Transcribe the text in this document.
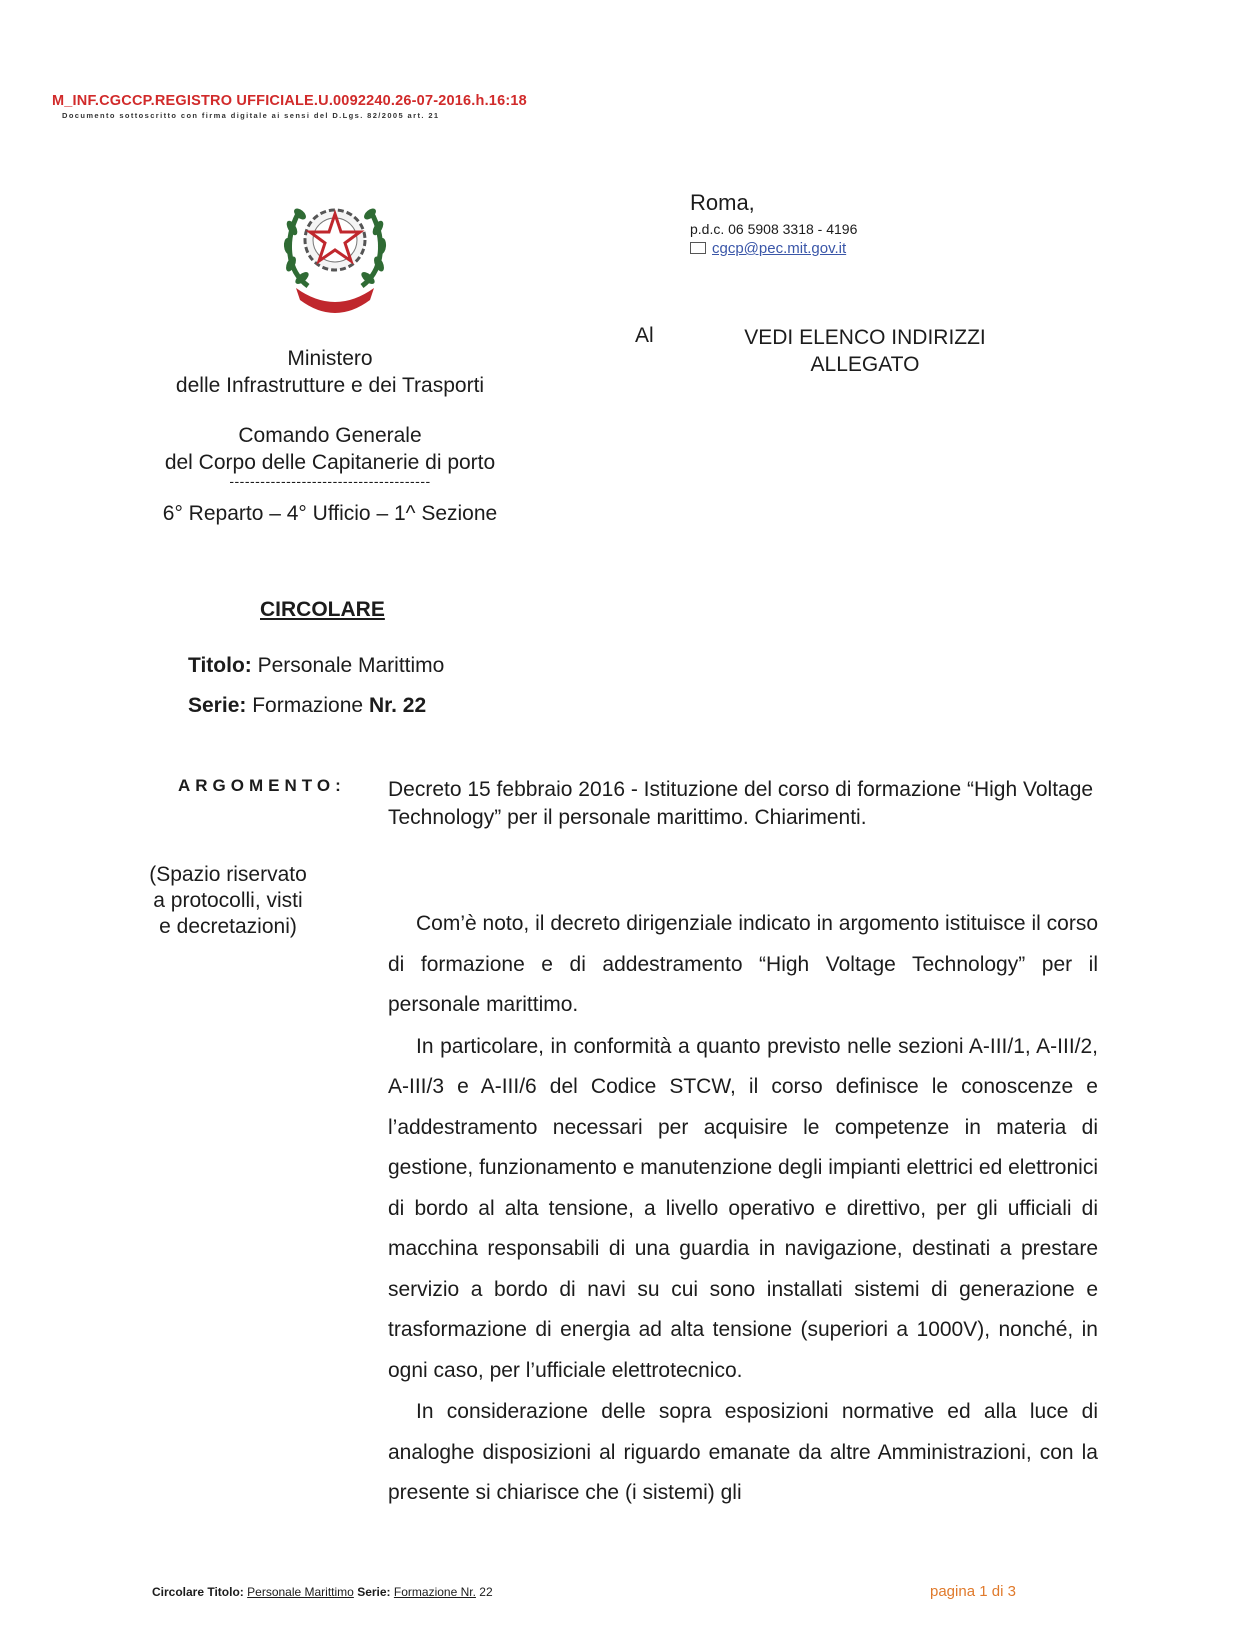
M_INF.CGCCP.REGISTRO UFFICIALE.U.0092240.26-07-2016.h.16:18
Documento sottoscritto con firma digitale ai sensi del D.Lgs. 82/2005 art. 21
Roma,
p.d.c. 06 5908 3318 - 4196
cgcp@pec.mit.gov.it
Al	VEDI ELENCO INDIRIZZI
ALLEGATO
Ministero
delle Infrastrutture e dei Trasporti
Comando Generale
del Corpo delle Capitanerie di porto
---------------------------------------
6° Reparto – 4° Ufficio – 1^ Sezione
CIRCOLARE
Titolo: Personale Marittimo
Serie: Formazione Nr. 22
ARGOMENTO: Decreto 15 febbraio 2016 - Istituzione del corso di formazione “High Voltage Technology” per il personale marittimo. Chiarimenti.
(Spazio riservato
a protocolli, visti
e decretazioni)	Com’è noto, il decreto dirigenziale indicato in argomento istituisce il corso di formazione e di addestramento “High Voltage Technology” per il personale marittimo.

In particolare, in conformità a quanto previsto nelle sezioni A-III/1, A-III/2, A-III/3 e A-III/6 del Codice STCW, il corso definisce le conoscenze e l’addestramento necessari per acquisire le competenze in materia di gestione, funzionamento e manutenzione degli impianti elettrici ed elettronici di bordo al alta tensione, a livello operativo e direttivo, per gli ufficiali di macchina responsabili di una guardia in navigazione, destinati a prestare servizio a bordo di navi su cui sono installati sistemi di generazione e trasformazione di energia ad alta tensione (superiori a 1000V), nonché, in ogni caso, per l’ufficiale elettrotecnico.

In considerazione delle sopra esposizioni normative ed alla luce di analoghe disposizioni al riguardo emanate da altre Amministrazioni, con la presente si chiarisce che (i sistemi) gli

Circolare Titolo: Personale Marittimo Serie: Formazione Nr. 22	pagina 1 di 3
